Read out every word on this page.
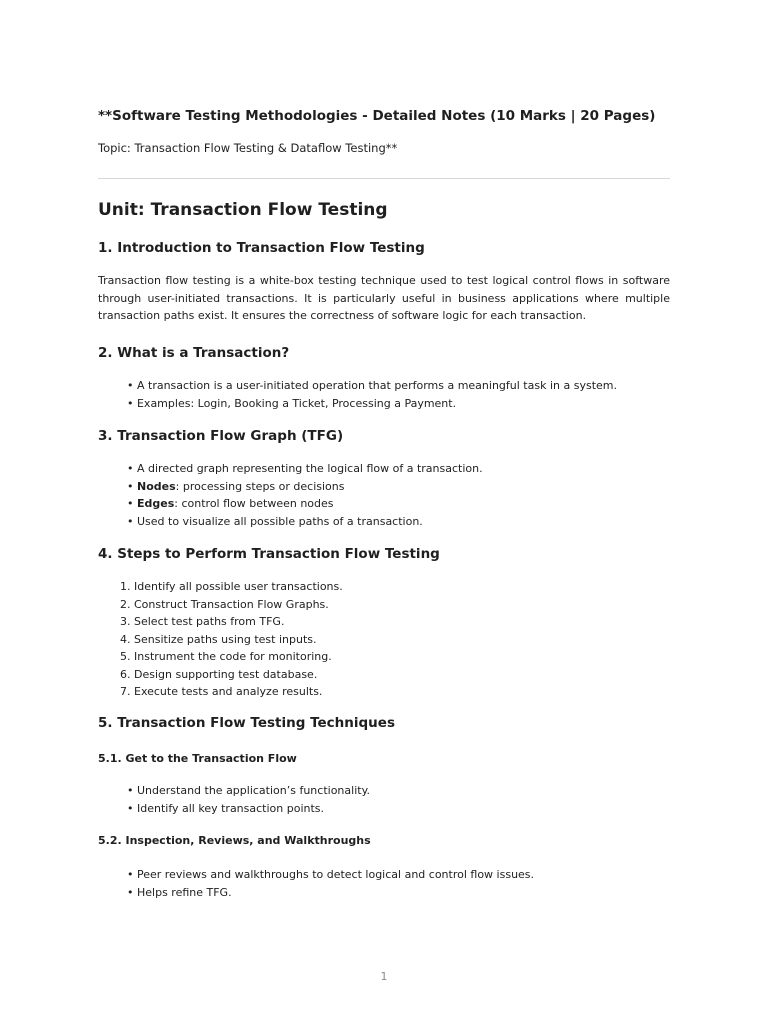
**Software Testing Methodologies - Detailed Notes (10 Marks | 20 Pages)
Topic: Transaction Flow Testing & Dataflow Testing**
Unit: Transaction Flow Testing
1. Introduction to Transaction Flow Testing
Transaction flow testing is a white-box testing technique used to test logical control flows in software through user-initiated transactions. It is particularly useful in business applications where multiple transaction paths exist. It ensures the correctness of software logic for each transaction.
2. What is a Transaction?
• A transaction is a user-initiated operation that performs a meaningful task in a system.
• Examples: Login, Booking a Ticket, Processing a Payment.
3. Transaction Flow Graph (TFG)
• A directed graph representing the logical flow of a transaction.
• Nodes: processing steps or decisions
• Edges: control flow between nodes
• Used to visualize all possible paths of a transaction.
4. Steps to Perform Transaction Flow Testing
1. Identify all possible user transactions.
2. Construct Transaction Flow Graphs.
3. Select test paths from TFG.
4. Sensitize paths using test inputs.
5. Instrument the code for monitoring.
6. Design supporting test database.
7. Execute tests and analyze results.
5. Transaction Flow Testing Techniques
5.1. Get to the Transaction Flow
• Understand the application’s functionality.
• Identify all key transaction points.
5.2. Inspection, Reviews, and Walkthroughs
• Peer reviews and walkthroughs to detect logical and control flow issues.
• Helps refine TFG.
1
